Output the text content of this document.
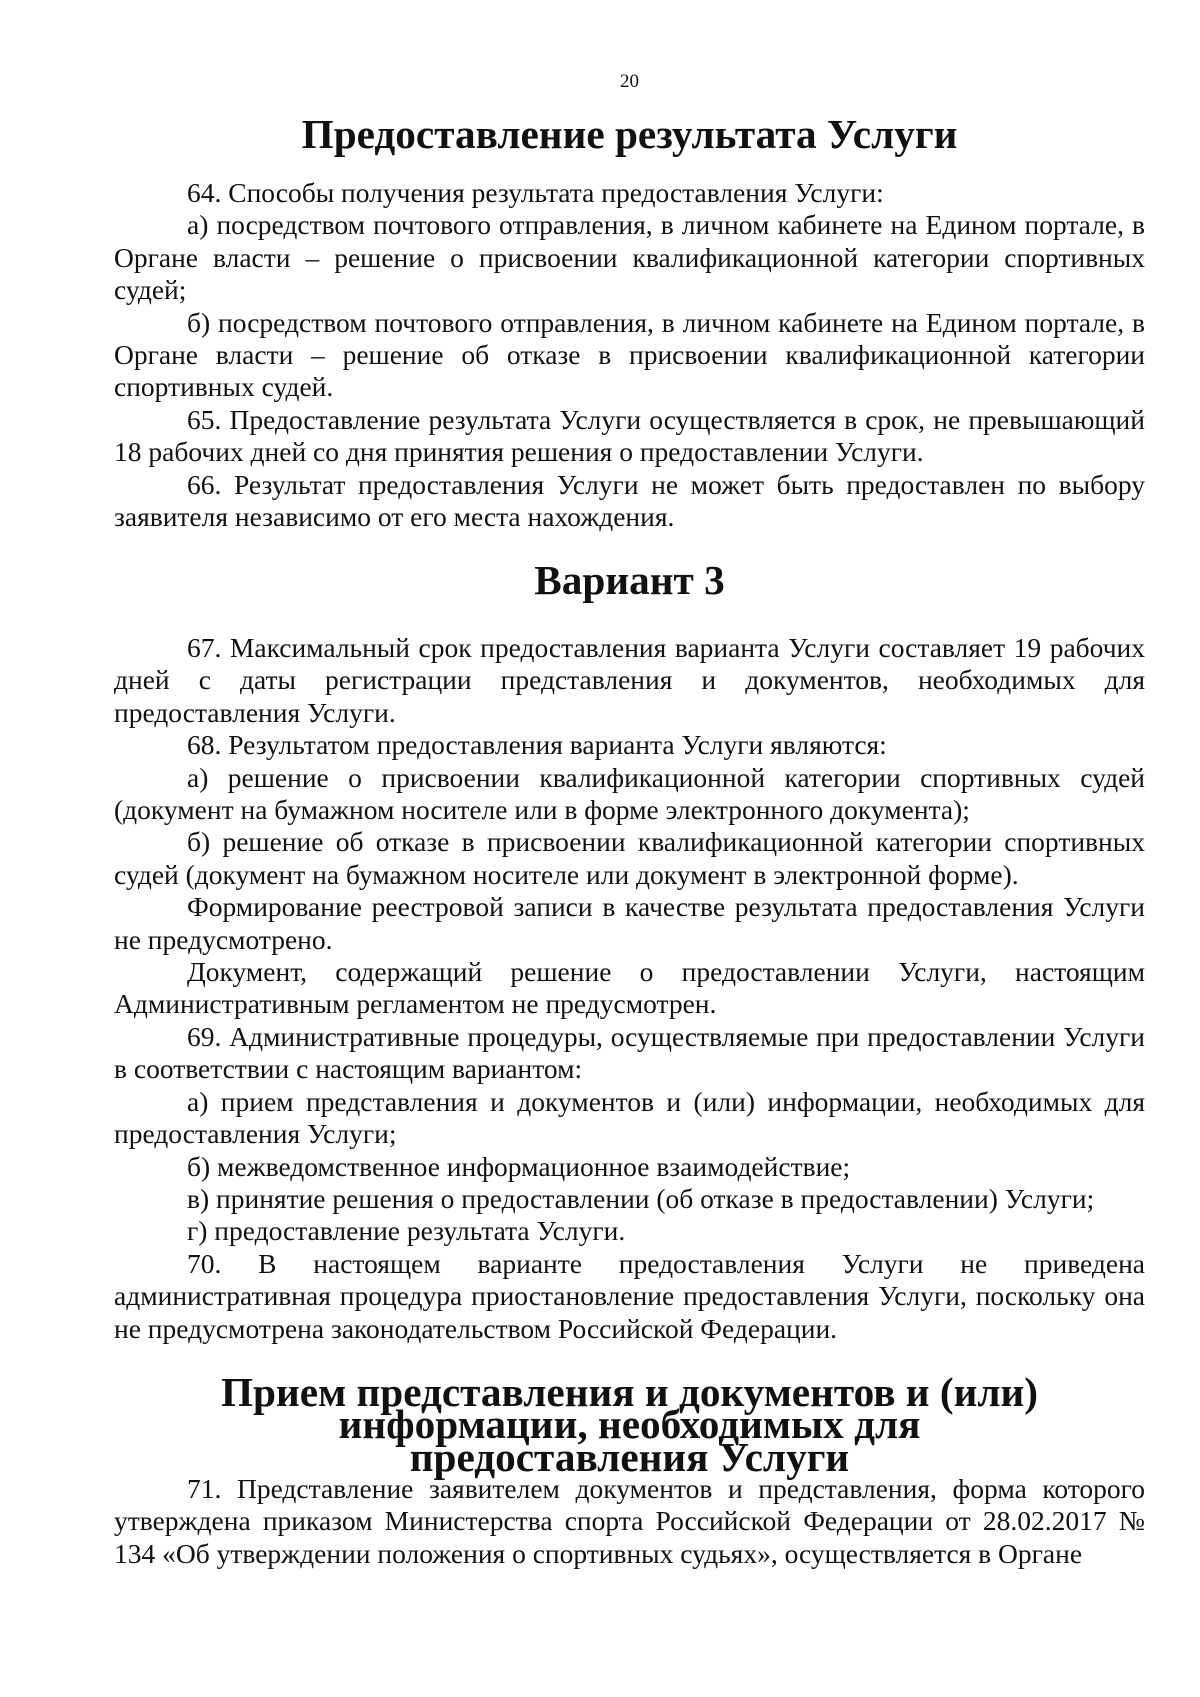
20
Предоставление результата Услуги

64. Способы получения результата предоставления Услуги:

а) посредством почтового отправления, в личном кабинете на Едином портале, в Органе власти – решение о присвоении квалификационной категории спортивных судей;

б) посредством почтового отправления, в личном кабинете на Едином портале, в Органе власти – решение об отказе в присвоении квалификационной категории спортивных судей.

65. Предоставление результата Услуги осуществляется в срок, не превышающий 18 рабочих дней со дня принятия решения о предоставлении Услуги.

66. Результат предоставления Услуги не может быть предоставлен по выбору заявителя независимо от его места нахождения.

Вариант 3

67. Максимальный срок предоставления варианта Услуги составляет 19 рабочих дней с даты регистрации представления и документов, необходимых для предоставления Услуги.

68. Результатом предоставления варианта Услуги являются:

а) решение о присвоении квалификационной категории спортивных судей (документ на бумажном носителе или в форме электронного документа);

б) решение об отказе в присвоении квалификационной категории спортивных судей (документ на бумажном носителе или документ в электронной форме).

Формирование реестровой записи в качестве результата предоставления Услуги не предусмотрено.

Документ, содержащий решение о предоставлении Услуги, настоящим Административным регламентом не предусмотрен.

69. Административные процедуры, осуществляемые при предоставлении Услуги в соответствии с настоящим вариантом:

а) прием представления и документов и (или) информации, необходимых для предоставления Услуги;

б) межведомственное информационное взаимодействие;

в) принятие решения о предоставлении (об отказе в предоставлении) Услуги;

г) предоставление результата Услуги.

70. В настоящем варианте предоставления Услуги не приведена административная процедура приостановление предоставления Услуги, поскольку она не предусмотрена законодательством Российской Федерации.

Прием представления и документов и (или) информации, необходимых для
предоставления Услуги

71. Представление заявителем документов и представления, форма которого утверждена приказом Министерства спорта Российской Федерации от 28.02.2017 № 134 «Об утверждении положения о спортивных судьях», осуществляется в Органе
